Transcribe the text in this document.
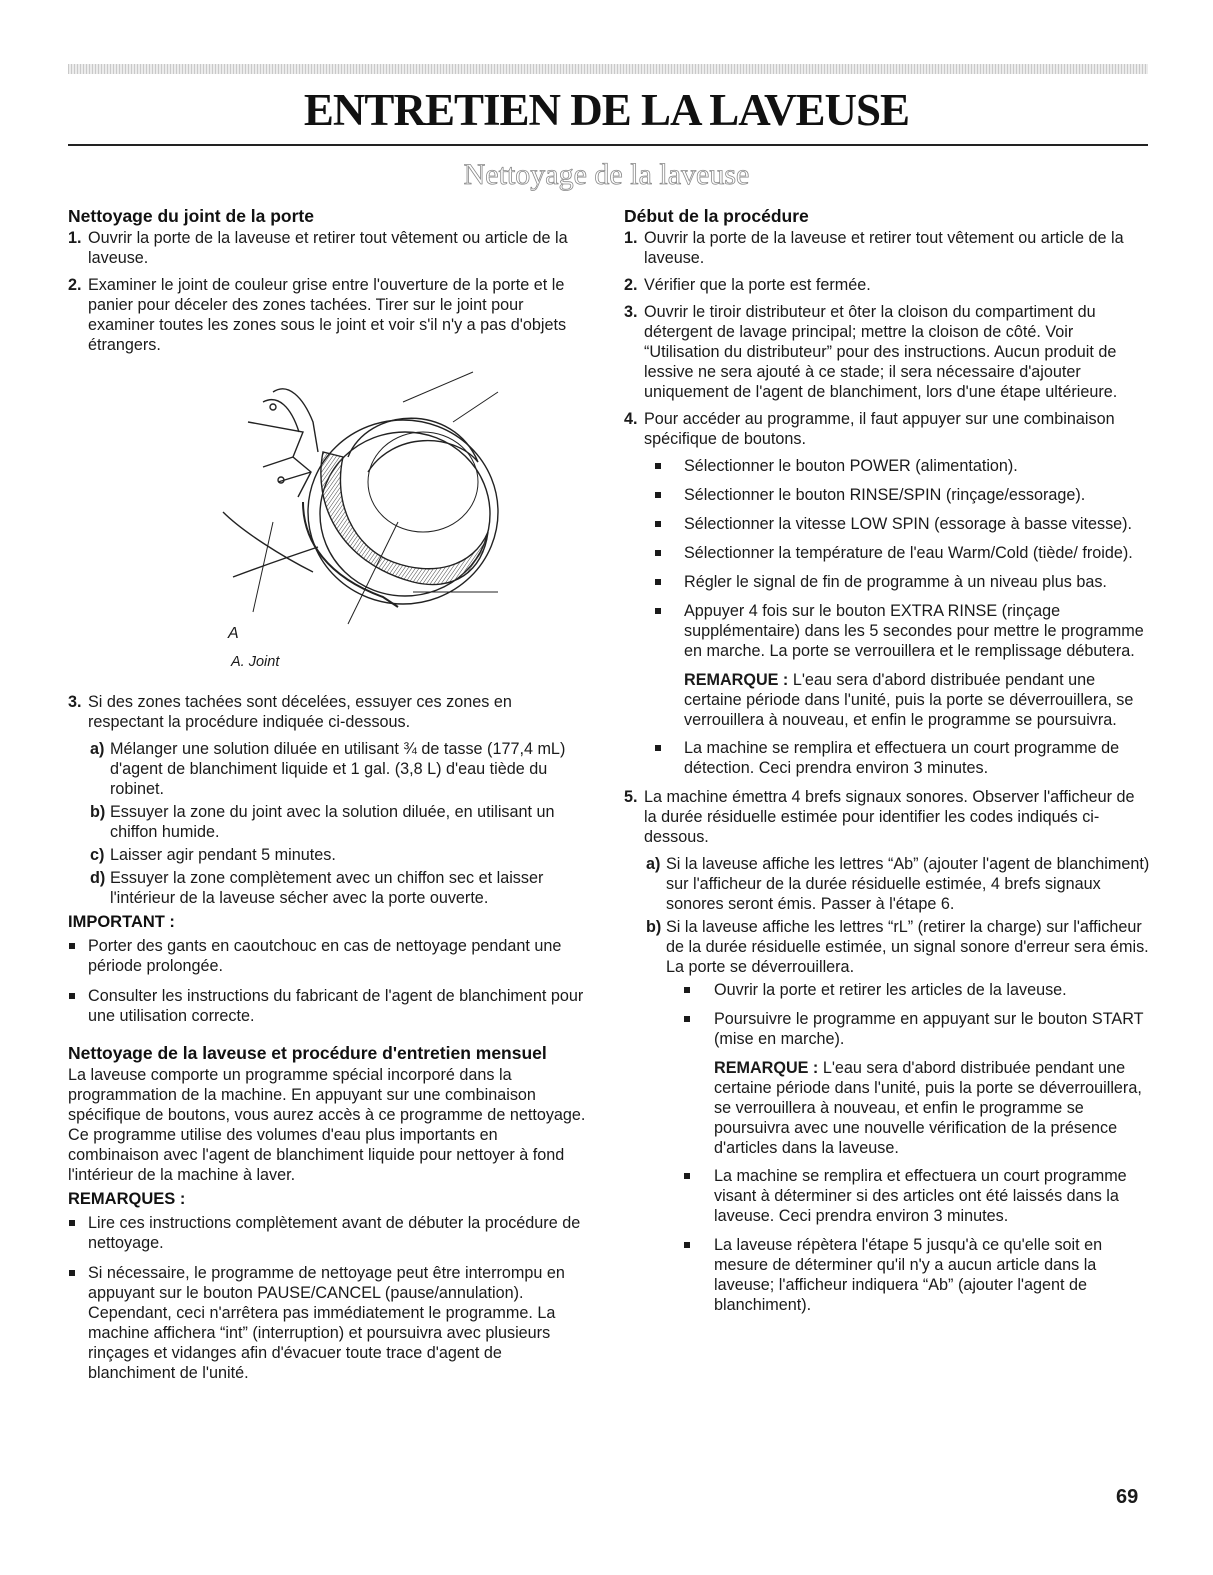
ENTRETIEN DE LA LAVEUSE
Nettoyage de la laveuse
Nettoyage du joint de la porte
1. Ouvrir la porte de la laveuse et retirer tout vêtement ou article de la laveuse.
2. Examiner le joint de couleur grise entre l'ouverture de la porte et le panier pour déceler des zones tachées. Tirer sur le joint pour examiner toutes les zones sous le joint et voir s'il n'y a pas d'objets étrangers.
A
A. Joint
3. Si des zones tachées sont décelées, essuyer ces zones en respectant la procédure indiquée ci-dessous.
a) Mélanger une solution diluée en utilisant ¾ de tasse (177,4 mL) d'agent de blanchiment liquide et 1 gal. (3,8 L) d'eau tiède du robinet.
b) Essuyer la zone du joint avec la solution diluée, en utilisant un chiffon humide.
c) Laisser agir pendant 5 minutes.
d) Essuyer la zone complètement avec un chiffon sec et laisser l'intérieur de la laveuse sécher avec la porte ouverte.
IMPORTANT :
Porter des gants en caoutchouc en cas de nettoyage pendant une période prolongée.
Consulter les instructions du fabricant de l'agent de blanchiment pour une utilisation correcte.
Nettoyage de la laveuse et procédure d'entretien mensuel
La laveuse comporte un programme spécial incorporé dans la programmation de la machine. En appuyant sur une combinaison spécifique de boutons, vous aurez accès à ce programme de nettoyage. Ce programme utilise des volumes d'eau plus importants en combinaison avec l'agent de blanchiment liquide pour nettoyer à fond l'intérieur de la machine à laver.
REMARQUES :
Lire ces instructions complètement avant de débuter la procédure de nettoyage.
Si nécessaire, le programme de nettoyage peut être interrompu en appuyant sur le bouton PAUSE/CANCEL (pause/annulation). Cependant, ceci n'arrêtera pas immédiatement le programme. La machine affichera “int” (interruption) et poursuivra avec plusieurs rinçages et vidanges afin d'évacuer toute trace d'agent de blanchiment de l'unité.
Début de la procédure
1. Ouvrir la porte de la laveuse et retirer tout vêtement ou article de la laveuse.
2. Vérifier que la porte est fermée.
3. Ouvrir le tiroir distributeur et ôter la cloison du compartiment du détergent de lavage principal; mettre la cloison de côté. Voir “Utilisation du distributeur” pour des instructions. Aucun produit de lessive ne sera ajouté à ce stade; il sera nécessaire d'ajouter uniquement de l'agent de blanchiment, lors d'une étape ultérieure.
4. Pour accéder au programme, il faut appuyer sur une combinaison spécifique de boutons.
Sélectionner le bouton POWER (alimentation).
Sélectionner le bouton RINSE/SPIN (rinçage/essorage).
Sélectionner la vitesse LOW SPIN (essorage à basse vitesse).
Sélectionner la température de l'eau Warm/Cold (tiède/ froide).
Régler le signal de fin de programme à un niveau plus bas.
Appuyer 4 fois sur le bouton EXTRA RINSE (rinçage supplémentaire) dans les 5 secondes pour mettre le programme en marche. La porte se verrouillera et le remplissage débutera.
REMARQUE : L'eau sera d'abord distribuée pendant une certaine période dans l'unité, puis la porte se déverrouillera, se verrouillera à nouveau, et enfin le programme se poursuivra.
La machine se remplira et effectuera un court programme de détection. Ceci prendra environ 3 minutes.
5. La machine émettra 4 brefs signaux sonores. Observer l'afficheur de la durée résiduelle estimée pour identifier les codes indiqués ci-dessous.
a) Si la laveuse affiche les lettres “Ab” (ajouter l'agent de blanchiment) sur l'afficheur de la durée résiduelle estimée, 4 brefs signaux sonores seront émis. Passer à l'étape 6.
b) Si la laveuse affiche les lettres “rL” (retirer la charge) sur l'afficheur de la durée résiduelle estimée, un signal sonore d'erreur sera émis. La porte se déverrouillera.
Ouvrir la porte et retirer les articles de la laveuse.
Poursuivre le programme en appuyant sur le bouton START (mise en marche).
REMARQUE : L'eau sera d'abord distribuée pendant une certaine période dans l'unité, puis la porte se déverrouillera, se verrouillera à nouveau, et enfin le programme se poursuivra avec une nouvelle vérification de la présence d'articles dans la laveuse.
La machine se remplira et effectuera un court programme visant à déterminer si des articles ont été laissés dans la laveuse. Ceci prendra environ 3 minutes.
La laveuse répètera l'étape 5 jusqu'à ce qu'elle soit en mesure de déterminer qu'il n'y a aucun article dans la laveuse; l'afficheur indiquera “Ab” (ajouter l'agent de blanchiment).
69
